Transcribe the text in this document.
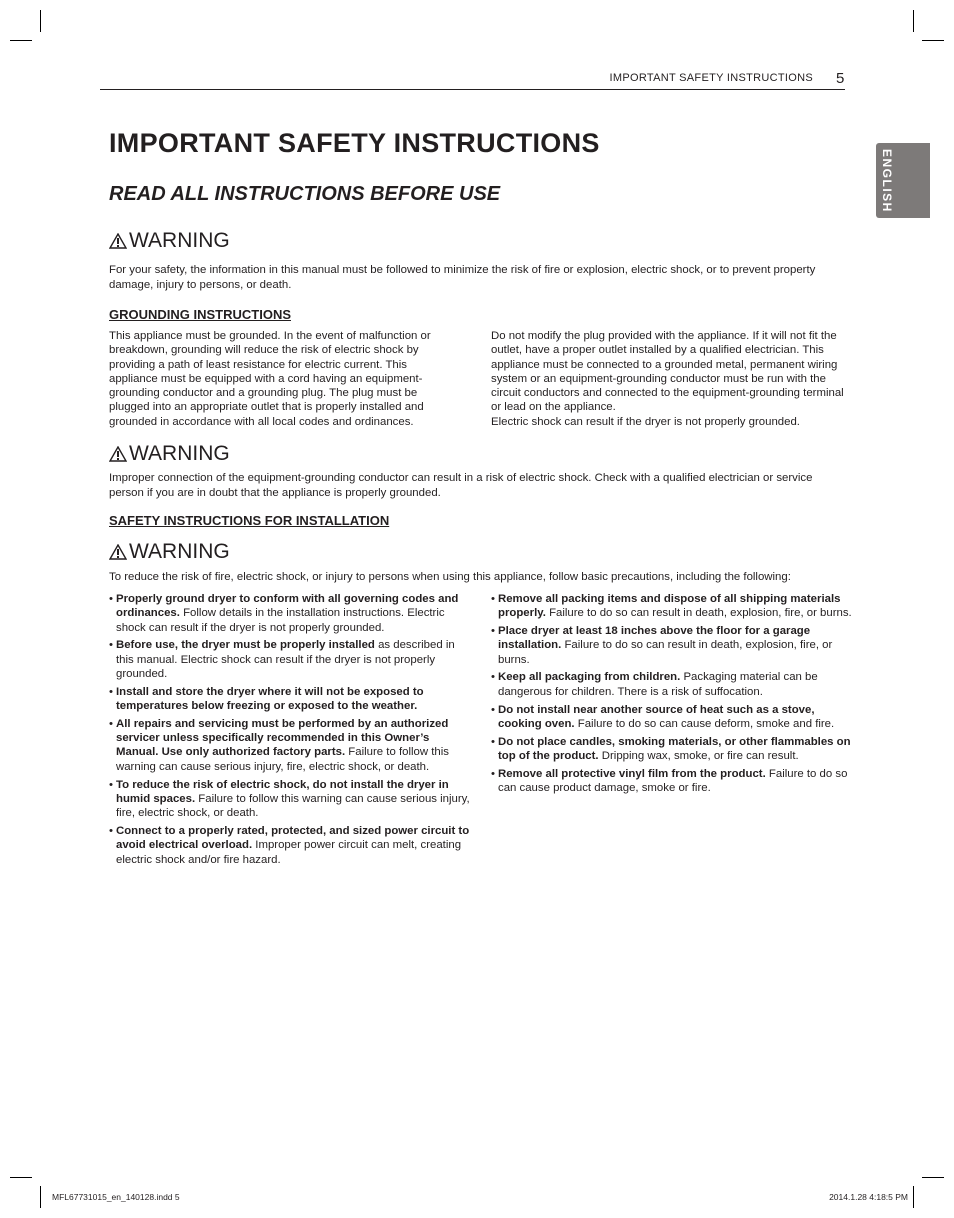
IMPORTANT SAFETY INSTRUCTIONS 5
ENGLISH
IMPORTANT SAFETY INSTRUCTIONS
READ ALL INSTRUCTIONS BEFORE USE
WARNING
For your safety, the information in this manual must be followed to minimize the risk of fire or explosion, electric shock, or to prevent property damage, injury to persons, or death.
GROUNDING INSTRUCTIONS
This appliance must be grounded. In the event of malfunction or breakdown, grounding will reduce the risk of electric shock by providing a path of least resistance for electric current. This appliance must be equipped with a cord having an equipment-grounding conductor and a grounding plug. The plug must be plugged into an appropriate outlet that is properly installed and grounded in accordance with all local codes and ordinances.
Do not modify the plug provided with the appliance. If it will not fit the outlet, have a proper outlet installed by a qualified electrician. This appliance must be connected to a grounded metal, permanent wiring system or an equipment-grounding conductor must be run with the circuit conductors and connected to the equipment-grounding terminal or lead on the appliance.
Electric shock can result if the dryer is not properly grounded.
WARNING
Improper connection of the equipment-grounding conductor can result in a risk of electric shock. Check with a qualified electrician or service person if you are in doubt that the appliance is properly grounded.
SAFETY INSTRUCTIONS FOR INSTALLATION
WARNING
To reduce the risk of fire, electric shock, or injury to persons when using this appliance, follow basic precautions, including the following:
• Properly ground dryer to conform with all governing codes and ordinances. Follow details in the installation instructions. Electric shock can result if the dryer is not properly grounded.
• Before use, the dryer must be properly installed as described in this manual. Electric shock can result if the dryer is not properly grounded.
• Install and store the dryer where it will not be exposed to temperatures below freezing or exposed to the weather.
• All repairs and servicing must be performed by an authorized servicer unless specifically recommended in this Owner’s Manual. Use only authorized factory parts. Failure to follow this warning can cause serious injury, fire, electric shock, or death.
• To reduce the risk of electric shock, do not install the dryer in humid spaces. Failure to follow this warning can cause serious injury, fire, electric shock, or death.
• Connect to a properly rated, protected, and sized power circuit to avoid electrical overload. Improper power circuit can melt, creating electric shock and/or fire hazard.
• Remove all packing items and dispose of all shipping materials properly. Failure to do so can result in death, explosion, fire, or burns.
• Place dryer at least 18 inches above the floor for a garage installation. Failure to do so can result in death, explosion, fire, or burns.
• Keep all packaging from children. Packaging material can be dangerous for children. There is a risk of suffocation.
• Do not install near another source of heat such as a stove, cooking oven. Failure to do so can cause deform, smoke and fire.
• Do not place candles, smoking materials, or other flammables on top of the product. Dripping wax, smoke, or fire can result.
• Remove all protective vinyl film from the product. Failure to do so can cause product damage, smoke or fire.
MFL67731015_en_140128.indd 5	2014.1.28 4:18:5 PM
